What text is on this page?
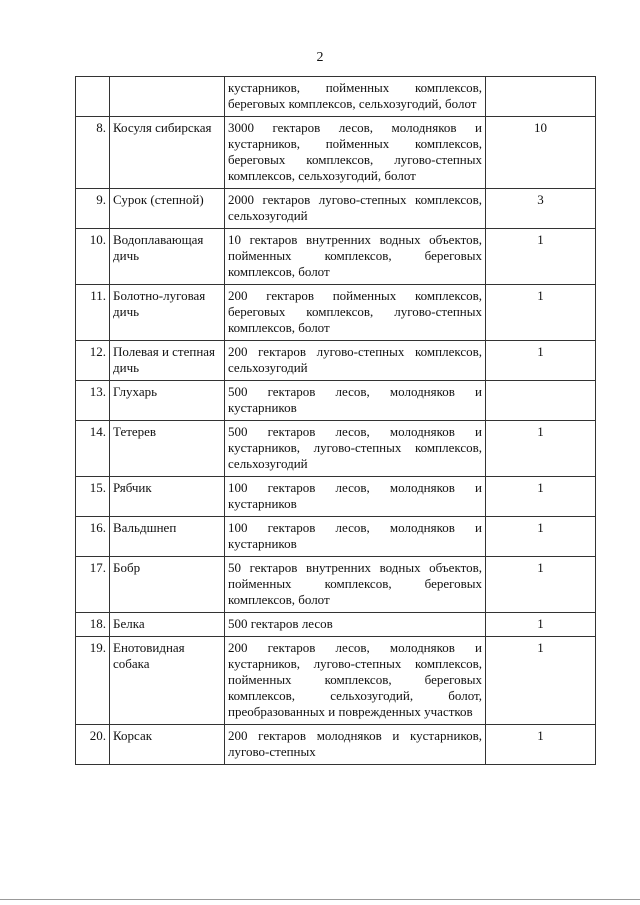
2
		кустарников, пойменных комплексов, береговых комплексов, сельхозугодий, болот	
8.	Косуля сибирская	3000 гектаров лесов, молодняков и кустарников, пойменных комплексов, береговых комплексов, лугово-степных комплексов, сельхозугодий, болот	10
9.	Сурок (степной)	2000 гектаров лугово-степных комплексов, сельхозугодий	3
10.	Водоплавающая дичь	10 гектаров внутренних водных объектов, пойменных комплексов, береговых комплексов, болот	1
11.	Болотно-луговая дичь	200 гектаров пойменных комплексов, береговых комплексов, лугово-степных комплексов, болот	1
12.	Полевая и степная дичь	200 гектаров лугово-степных комплексов, сельхозугодий	1
13.	Глухарь	500 гектаров лесов, молодняков и кустарников	
14.	Тетерев	500 гектаров лесов, молодняков и кустарников, лугово-степных комплексов, сельхозугодий	1
15.	Рябчик	100 гектаров лесов, молодняков и кустарников	1
16.	Вальдшнеп	100 гектаров лесов, молодняков и кустарников	1
17.	Бобр	50 гектаров внутренних водных объектов, пойменных комплексов, береговых комплексов, болот	1
18.	Белка	500 гектаров лесов	1
19.	Енотовидная собака	200 гектаров лесов, молодняков и кустарников, лугово-степных комплексов, пойменных комплексов, береговых комплексов, сельхозугодий, болот, преобразованных и поврежденных участков	1
20.	Корсак	200 гектаров молодняков и кустарников, лугово-степных	1
